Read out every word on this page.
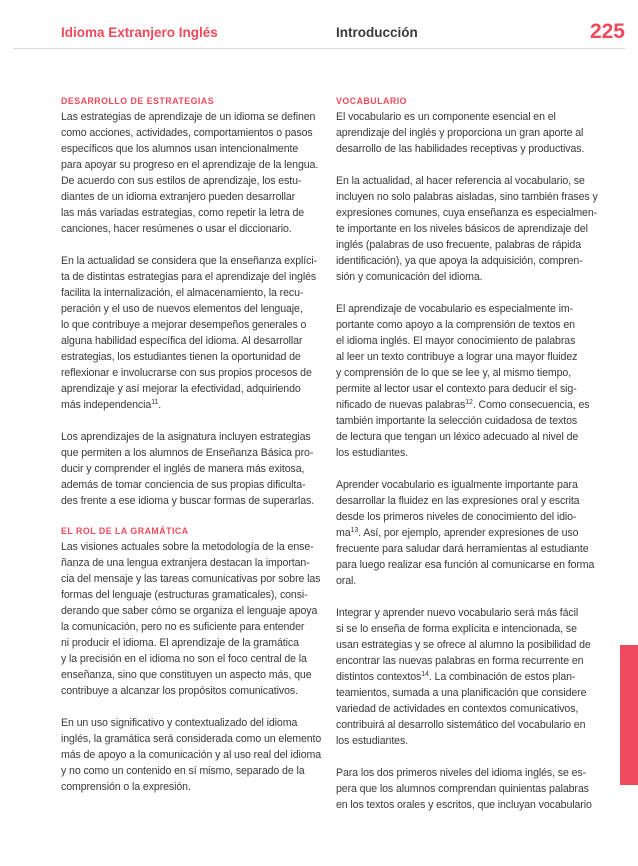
Idioma Extranjero Inglés	Introducción	225
DESARROLLO DE ESTRATEGIAS
Las estrategias de aprendizaje de un idioma se definen
como acciones, actividades, comportamientos o pasos
específicos que los alumnos usan intencionalmente
para apoyar su progreso en el aprendizaje de la lengua.
De acuerdo con sus estilos de aprendizaje, los estu-
diantes de un idioma extranjero pueden desarrollar
las más variadas estrategias, como repetir la letra de
canciones, hacer resúmenes o usar el diccionario.
En la actualidad se considera que la enseñanza explíci-
ta de distintas estrategias para el aprendizaje del inglés
facilita la internalización, el almacenamiento, la recu-
peración y el uso de nuevos elementos del lenguaje,
lo que contribuye a mejorar desempeños generales o
alguna habilidad específica del idioma. Al desarrollar
estrategias, los estudiantes tienen la oportunidad de
reflexionar e involucrarse con sus propios procesos de
aprendizaje y así mejorar la efectividad, adquiriendo
más independencia$^{11}$.
Los aprendizajes de la asignatura incluyen estrategias
que permiten a los alumnos de Enseñanza Básica pro-
ducir y comprender el inglés de manera más exitosa,
además de tomar conciencia de sus propias dificulta-
des frente a ese idioma y buscar formas de superarlas.
EL ROL DE LA GRAMÁTICA
Las visiones actuales sobre la metodología de la ense-
ñanza de una lengua extranjera destacan la importan-
cia del mensaje y las tareas comunicativas por sobre las
formas del lenguaje (estructuras gramaticales), consi-
derando que saber cómo se organiza el lenguaje apoya
la comunicación, pero no es suficiente para entender
ni producir el idioma. El aprendizaje de la gramática
y la precisión en el idioma no son el foco central de la
enseñanza, sino que constituyen un aspecto más, que
contribuye a alcanzar los propósitos comunicativos.
En un uso significativo y contextualizado del idioma
inglés, la gramática será considerada como un elemento
más de apoyo a la comunicación y al uso real del idioma
y no como un contenido en sí mismo, separado de la
comprensión o la expresión.
VOCABULARIO
El vocabulario es un componente esencial en el
aprendizaje del inglés y proporciona un gran aporte al
desarrollo de las habilidades receptivas y productivas.
En la actualidad, al hacer referencia al vocabulario, se
incluyen no solo palabras aisladas, sino también frases y
expresiones comunes, cuya enseñanza es especialmen-
te importante en los niveles básicos de aprendizaje del
inglés (palabras de uso frecuente, palabras de rápida
identificación), ya que apoya la adquisición, compren-
sión y comunicación del idioma.
El aprendizaje de vocabulario es especialmente im-
portante como apoyo a la comprensión de textos en
el idioma inglés. El mayor conocimiento de palabras
al leer un texto contribuye a lograr una mayor fluidez
y comprensión de lo que se lee y, al mismo tiempo,
permite al lector usar el contexto para deducir el sig-
nificado de nuevas palabras$^{12}$. Como consecuencia, es
también importante la selección cuidadosa de textos
de lectura que tengan un léxico adecuado al nivel de
los estudiantes.
Aprender vocabulario es igualmente importante para
desarrollar la fluidez en las expresiones oral y escrita
desde los primeros niveles de conocimiento del idio-
$ma^{13}$. Así, por ejemplo, aprender expresiones de uso
frecuente para saludar dará herramientas al estudiante
para luego realizar esa función al comunicarse en forma
oral.
Integrar y aprender nuevo vocabulario será más fácil
si se lo enseña de forma explícita e intencionada, se
usan estrategias y se ofrece al alumno la posibilidad de
encontrar las nuevas palabras en forma recurrente en
distintos contextos$^{14}$. La combinación de estos plan-
teamientos, sumada a una planificación que considere
variedad de actividades en contextos comunicativos,
contribuirá al desarrollo sistemático del vocabulario en
los estudiantes.
Para los dos primeros niveles del idioma inglés, se es-
pera que los alumnos comprendan quinientas palabras
en los textos orales y escritos, que incluyan vocabulario
